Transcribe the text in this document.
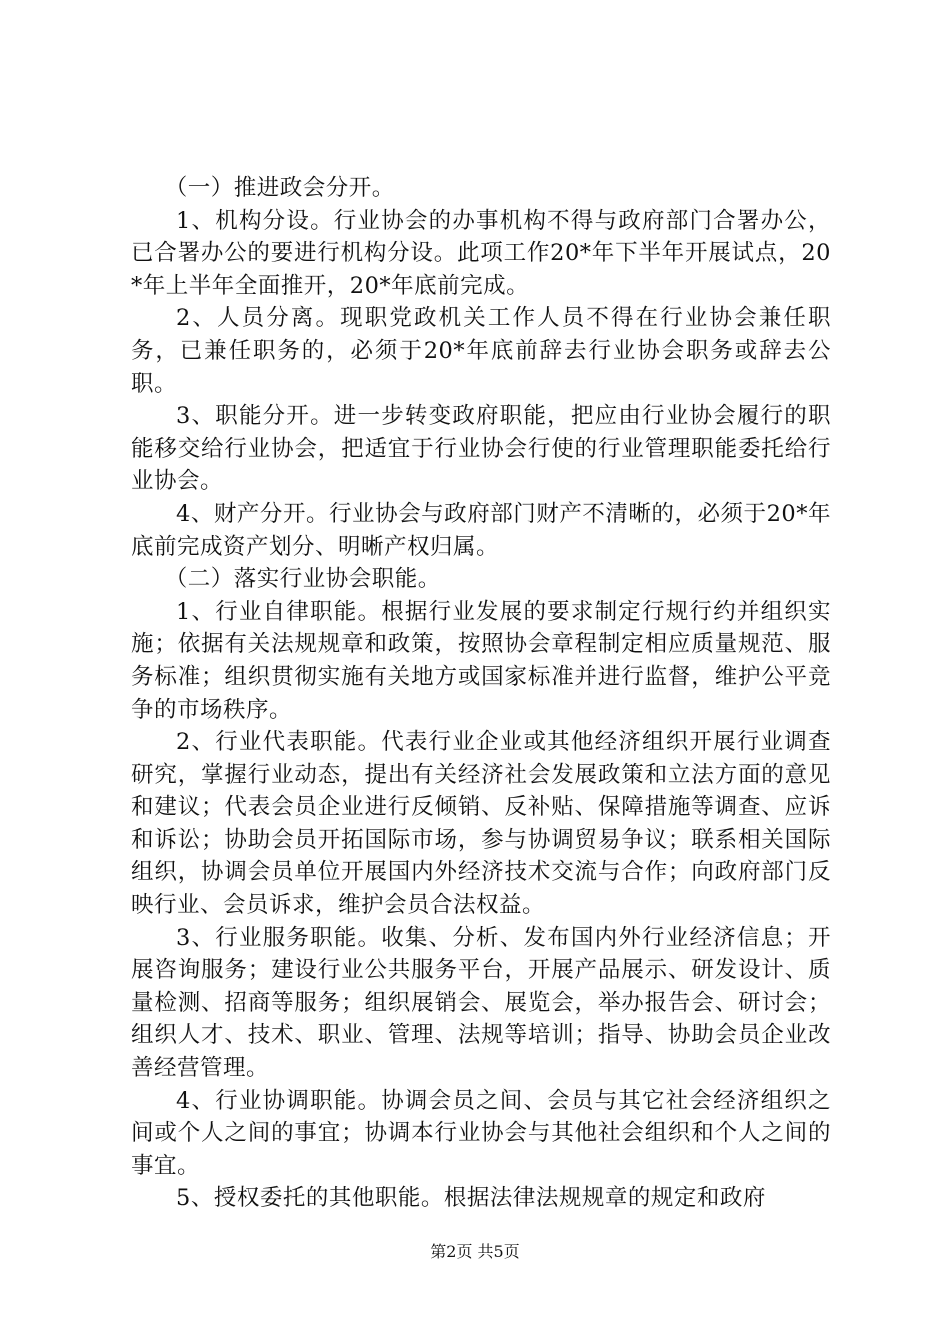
（一）推进政会分开。

1、机构分设。行业协会的办事机构不得与政府部门合署办公，已合署办公的要进行机构分设。此项工作20*年下半年开展试点，20*年上半年全面推开，20*年底前完成。

2、人员分离。现职党政机关工作人员不得在行业协会兼任职务，已兼任职务的，必须于20*年底前辞去行业协会职务或辞去公职。

3、职能分开。进一步转变政府职能，把应由行业协会履行的职能移交给行业协会，把适宜于行业协会行使的行业管理职能委托给行业协会。

4、财产分开。行业协会与政府部门财产不清晰的，必须于20*年底前完成资产划分、明晰产权归属。

（二）落实行业协会职能。

1、行业自律职能。根据行业发展的要求制定行规行约并组织实施；依据有关法规规章和政策，按照协会章程制定相应质量规范、服务标准；组织贯彻实施有关地方或国家标准并进行监督，维护公平竞争的市场秩序。

2、行业代表职能。代表行业企业或其他经济组织开展行业调查研究，掌握行业动态，提出有关经济社会发展政策和立法方面的意见和建议；代表会员企业进行反倾销、反补贴、保障措施等调查、应诉和诉讼；协助会员开拓国际市场，参与协调贸易争议；联系相关国际组织，协调会员单位开展国内外经济技术交流与合作；向政府部门反映行业、会员诉求，维护会员合法权益。

3、行业服务职能。收集、分析、发布国内外行业经济信息；开展咨询服务；建设行业公共服务平台，开展产品展示、研发设计、质量检测、招商等服务；组织展销会、展览会，举办报告会、研讨会；组织人才、技术、职业、管理、法规等培训；指导、协助会员企业改善经营管理。

4、行业协调职能。协调会员之间、会员与其它社会经济组织之间或个人之间的事宜；协调本行业协会与其他社会组织和个人之间的事宜。

5、授权委托的其他职能。根据法律法规规章的规定和政府

第2页 共5页
